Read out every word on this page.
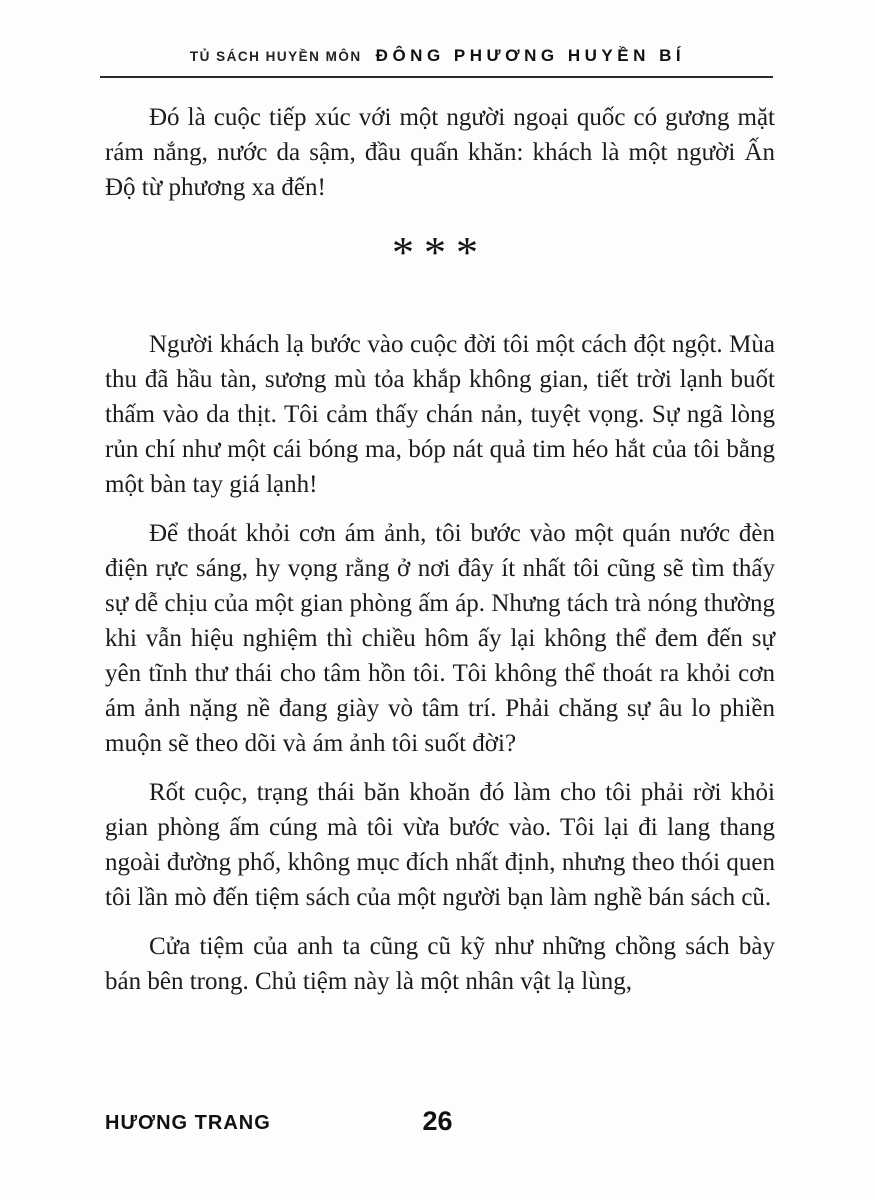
TỦ SÁCH HUYỀN MÔN ĐÔNG PHƯƠNG HUYỀN BÍ

Đó là cuộc tiếp xúc với một người ngoại quốc có gương mặt rám nắng, nước da sậm, đầu quấn khăn: khách là một người Ấn Độ từ phương xa đến!

***

Người khách lạ bước vào cuộc đời tôi một cách đột ngột. Mùa thu đã hầu tàn, sương mù tỏa khắp không gian, tiết trời lạnh buốt thấm vào da thịt. Tôi cảm thấy chán nản, tuyệt vọng. Sự ngã lòng rủn chí như một cái bóng ma, bóp nát quả tim héo hắt của tôi bằng một bàn tay giá lạnh!

Để thoát khỏi cơn ám ảnh, tôi bước vào một quán nước đèn điện rực sáng, hy vọng rằng ở nơi đây ít nhất tôi cũng sẽ tìm thấy sự dễ chịu của một gian phòng ấm áp. Nhưng tách trà nóng thường khi vẫn hiệu nghiệm thì chiều hôm ấy lại không thể đem đến sự yên tĩnh thư thái cho tâm hồn tôi. Tôi không thể thoát ra khỏi cơn ám ảnh nặng nề đang giày vò tâm trí. Phải chăng sự âu lo phiền muộn sẽ theo dõi và ám ảnh tôi suốt đời?

Rốt cuộc, trạng thái băn khoăn đó làm cho tôi phải rời khỏi gian phòng ấm cúng mà tôi vừa bước vào. Tôi lại đi lang thang ngoài đường phố, không mục đích nhất định, nhưng theo thói quen tôi lần mò đến tiệm sách của một người bạn làm nghề bán sách cũ.

Cửa tiệm của anh ta cũng cũ kỹ như những chồng sách bày bán bên trong. Chủ tiệm này là một nhân vật lạ lùng,

HƯƠNG TRANG	26
